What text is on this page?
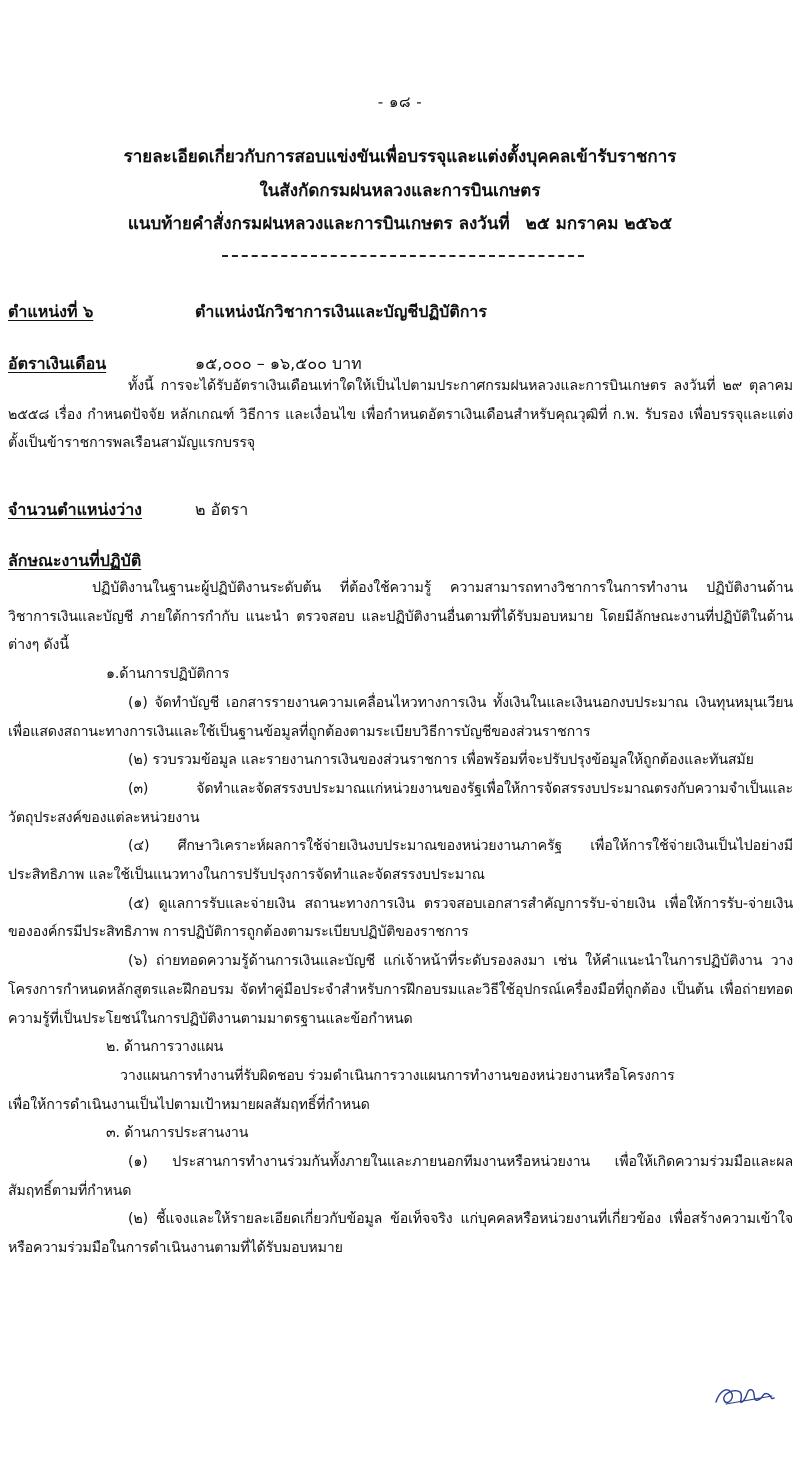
- ๑๘ -
รายละเอียดเกี่ยวกับการสอบแข่งขันเพื่อบรรจุและแต่งตั้งบุคคลเข้ารับราชการ
ในสังกัดกรมฝนหลวงและการบินเกษตร
แนบท้ายคำสั่งกรมฝนหลวงและการบินเกษตร ลงวันที่ ๒๕ มกราคม ๒๕๖๕
ตำแหน่งที่ ๖	ตำแหน่งนักวิชาการเงินและบัญชีปฏิบัติการ
อัตราเงินเดือน	๑๕,๐๐๐ – ๑๖,๕๐๐ บาท

ทั้งนี้ การจะได้รับอัตราเงินเดือนเท่าใดให้เป็นไปตามประกาศกรมฝนหลวงและการบินเกษตร ลงวันที่ ๒๙ ตุลาคม ๒๕๕๘ เรื่อง กำหนดปัจจัย หลักเกณฑ์ วิธีการ และเงื่อนไข เพื่อกำหนดอัตราเงินเดือนสำหรับคุณวุฒิที่ ก.พ. รับรอง เพื่อบรรจุและแต่งตั้งเป็นข้าราชการพลเรือนสามัญแรกบรรจุ

จำนวนตำแหน่งว่าง	๒ อัตรา
ลักษณะงานที่ปฏิบัติ

ปฏิบัติงานในฐานะผู้ปฏิบัติงานระดับต้น ที่ต้องใช้ความรู้ ความสามารถทางวิชาการในการทำงาน ปฏิบัติงานด้านวิชาการเงินและบัญชี ภายใต้การกำกับ แนะนำ ตรวจสอบ และปฏิบัติงานอื่นตามที่ได้รับมอบหมาย โดยมีลักษณะงานที่ปฏิบัติในด้านต่างๆ ดังนี้

๑.ด้านการปฏิบัติการ

(๑) จัดทำบัญชี เอกสารรายงานความเคลื่อนไหวทางการเงิน ทั้งเงินในและเงินนอกงบประมาณ เงินทุนหมุนเวียน เพื่อแสดงสถานะทางการเงินและใช้เป็นฐานข้อมูลที่ถูกต้องตามระเบียบวิธีการบัญชีของส่วนราชการ

(๒) รวบรวมข้อมูล และรายงานการเงินของส่วนราชการ เพื่อพร้อมที่จะปรับปรุงข้อมูลให้ถูกต้องและทันสมัย

(๓) จัดทำและจัดสรรงบประมาณแก่หน่วยงานของรัฐเพื่อให้การจัดสรรงบประมาณตรงกับความจำเป็นและวัตถุประสงค์ของแต่ละหน่วยงาน

(๔) ศึกษาวิเคราะห์ผลการใช้จ่ายเงินงบประมาณของหน่วยงานภาครัฐ เพื่อให้การใช้จ่ายเงินเป็นไปอย่างมีประสิทธิภาพ และใช้เป็นแนวทางในการปรับปรุงการจัดทำและจัดสรรงบประมาณ

(๕) ดูแลการรับและจ่ายเงิน สถานะทางการเงิน ตรวจสอบเอกสารสำคัญการรับ-จ่ายเงิน เพื่อให้การรับ-จ่ายเงินขององค์กรมีประสิทธิภาพ การปฏิบัติการถูกต้องตามระเบียบปฏิบัติของราชการ

(๖) ถ่ายทอดความรู้ด้านการเงินและบัญชี แก่เจ้าหน้าที่ระดับรองลงมา เช่น ให้คำแนะนำในการปฏิบัติงาน วางโครงการกำหนดหลักสูตรและฝึกอบรม จัดทำคู่มือประจำสำหรับการฝึกอบรมและวิธีใช้อุปกรณ์เครื่องมือที่ถูกต้อง เป็นต้น เพื่อถ่ายทอดความรู้ที่เป็นประโยชน์ในการปฏิบัติงานตามมาตรฐานและข้อกำหนด

๒. ด้านการวางแผน

วางแผนการทำงานที่รับผิดชอบ ร่วมดำเนินการวางแผนการทำงานของหน่วยงานหรือโครงการ

เพื่อให้การดำเนินงานเป็นไปตามเป้าหมายผลสัมฤทธิ์ที่กำหนด

๓. ด้านการประสานงาน

(๑) ประสานการทำงานร่วมกันทั้งภายในและภายนอกทีมงานหรือหน่วยงาน เพื่อให้เกิดความร่วมมือและผลสัมฤทธิ์ตามที่กำหนด

(๒) ชี้แจงและให้รายละเอียดเกี่ยวกับข้อมูล ข้อเท็จจริง แก่บุคคลหรือหน่วยงานที่เกี่ยวข้อง เพื่อสร้างความเข้าใจหรือความร่วมมือในการดำเนินงานตามที่ได้รับมอบหมาย
